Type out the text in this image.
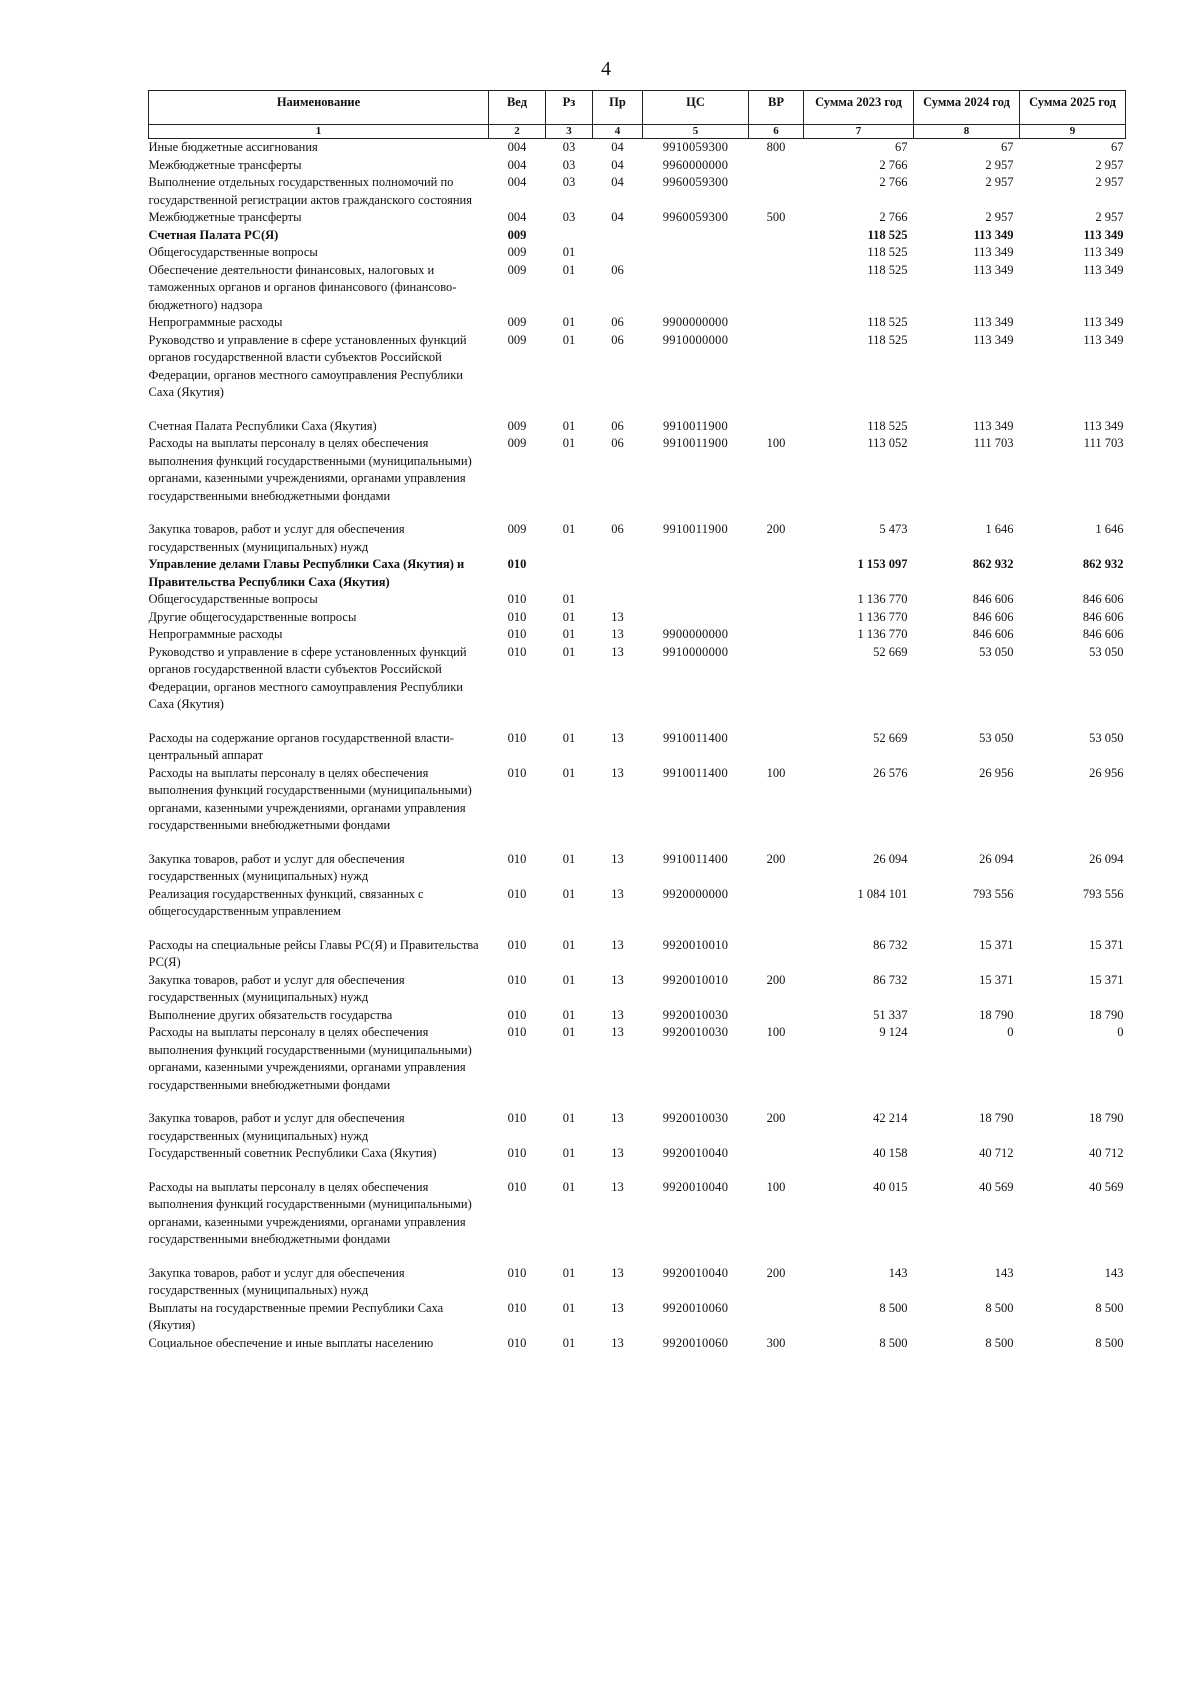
4
Наименование	Вед	Рз	Пр	ЦС	ВР	Сумма 2023 год	Сумма 2024 год	Сумма 2025 год
1	2	3	4	5	6	7	8	9
Иные бюджетные ассигнования	004	03	04	9910059300	800	67	67	67
Межбюджетные трансферты	004	03	04	9960000000		2 766	2 957	2 957
Выполнение отдельных государственных полномочий по государственной регистрации актов гражданского состояния	004	03	04	9960059300		2 766	2 957	2 957
Межбюджетные трансферты	004	03	04	9960059300	500	2 766	2 957	2 957
Счетная Палата РС(Я)	009					118 525	113 349	113 349
Общегосударственные вопросы	009	01				118 525	113 349	113 349
Обеспечение деятельности финансовых, налоговых и таможенных органов и органов финансового (финансово-бюджетного) надзора	009	01	06			118 525	113 349	113 349
Непрограммные расходы	009	01	06	9900000000		118 525	113 349	113 349
Руководство и управление в сфере установленных функций органов государственной власти субъектов Российской Федерации, органов местного самоуправления Республики Саха (Якутия)	009	01	06	9910000000		118 525	113 349	113 349
Счетная Палата Республики Саха (Якутия)	009	01	06	9910011900		118 525	113 349	113 349
Расходы на выплаты персоналу в целях обеспечения выполнения функций государственными (муниципальными) органами, казенными учреждениями, органами управления государственными внебюджетными фондами	009	01	06	9910011900	100	113 052	111 703	111 703
Закупка товаров, работ и услуг для обеспечения государственных (муниципальных) нужд	009	01	06	9910011900	200	5 473	1 646	1 646
Управление делами Главы Республики Саха (Якутия) и Правительства Республики Саха (Якутия)	010					1 153 097	862 932	862 932
Общегосударственные вопросы	010	01				1 136 770	846 606	846 606
Другие общегосударственные вопросы	010	01	13			1 136 770	846 606	846 606
Непрограммные расходы	010	01	13	9900000000		1 136 770	846 606	846 606
Руководство и управление в сфере установленных функций органов государственной власти субъектов Российской Федерации, органов местного самоуправления Республики Саха (Якутия)	010	01	13	9910000000		52 669	53 050	53 050
Расходы на содержание органов государственной власти- центральный аппарат	010	01	13	9910011400		52 669	53 050	53 050
Расходы на выплаты персоналу в целях обеспечения выполнения функций государственными (муниципальными) органами, казенными учреждениями, органами управления государственными внебюджетными фондами	010	01	13	9910011400	100	26 576	26 956	26 956
Закупка товаров, работ и услуг для обеспечения государственных (муниципальных) нужд	010	01	13	9910011400	200	26 094	26 094	26 094
Реализация государственных функций, связанных с общегосударственным управлением	010	01	13	9920000000		1 084 101	793 556	793 556
Расходы на специальные рейсы Главы РС(Я) и Правительства РС(Я)	010	01	13	9920010010		86 732	15 371	15 371
Закупка товаров, работ и услуг для обеспечения государственных (муниципальных) нужд	010	01	13	9920010010	200	86 732	15 371	15 371
Выполнение других обязательств государства	010	01	13	9920010030		51 337	18 790	18 790
Расходы на выплаты персоналу в целях обеспечения выполнения функций государственными (муниципальными) органами, казенными учреждениями, органами управления государственными внебюджетными фондами	010	01	13	9920010030	100	9 124	0	0
Закупка товаров, работ и услуг для обеспечения государственных (муниципальных) нужд	010	01	13	9920010030	200	42 214	18 790	18 790
Государственный советник Республики Саха (Якутия)	010	01	13	9920010040		40 158	40 712	40 712
Расходы на выплаты персоналу в целях обеспечения выполнения функций государственными (муниципальными) органами, казенными учреждениями, органами управления государственными внебюджетными фондами	010	01	13	9920010040	100	40 015	40 569	40 569
Закупка товаров, работ и услуг для обеспечения государственных (муниципальных) нужд	010	01	13	9920010040	200	143	143	143
Выплаты на государственные премии Республики Саха (Якутия)	010	01	13	9920010060		8 500	8 500	8 500
Социальное обеспечение и иные выплаты населению	010	01	13	9920010060	300	8 500	8 500	8 500
